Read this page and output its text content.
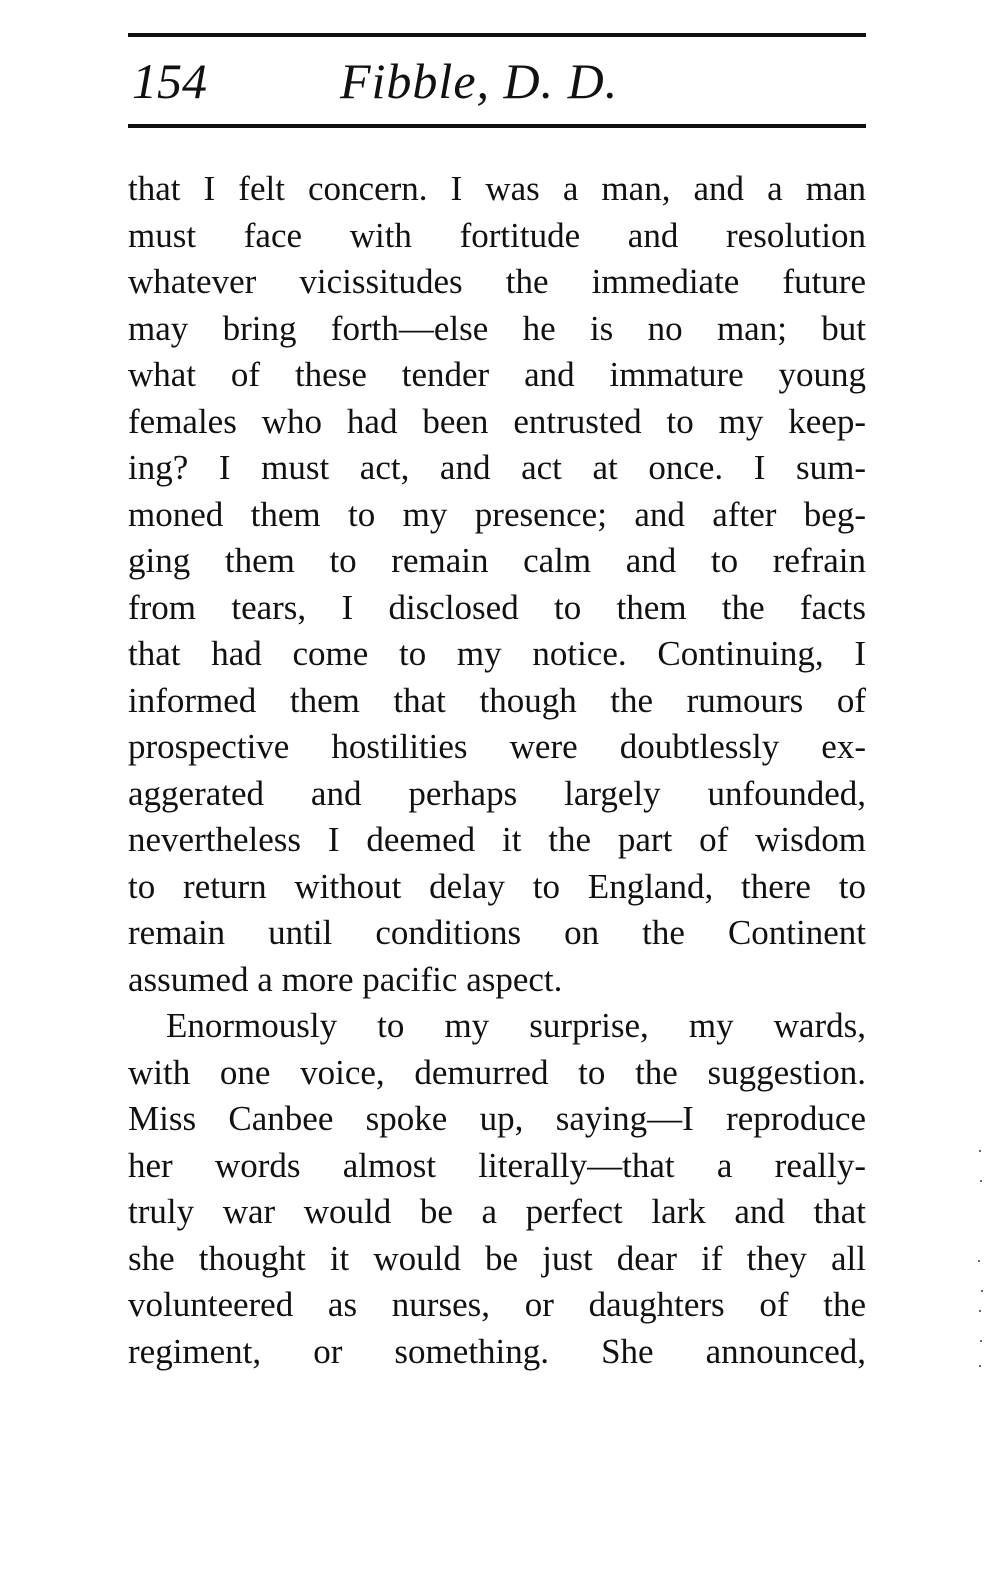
154	Fibble, D. D.
that I felt concern. I was a man, and a man
must face with fortitude and resolution
whatever vicissitudes the immediate future
may bring forth—else he is no man; but
what of these tender and immature young
females who had been entrusted to my keep-
ing? I must act, and act at once. I sum-
moned them to my presence; and after beg-
ging them to remain calm and to refrain
from tears, I disclosed to them the facts
that had come to my notice. Continuing, I
informed them that though the rumours of
prospective hostilities were doubtlessly ex-
aggerated and perhaps largely unfounded,
nevertheless I deemed it the part of wisdom
to return without delay to England, there to
remain until conditions on the Continent
assumed a more pacific aspect.
Enormously to my surprise, my wards,
with one voice, demurred to the suggestion.
Miss Canbee spoke up, saying—I reproduce
her words almost literally—that a really-
truly war would be a perfect lark and that
she thought it would be just dear if they all
volunteered as nurses, or daughters of the
regiment, or something. She announced,
